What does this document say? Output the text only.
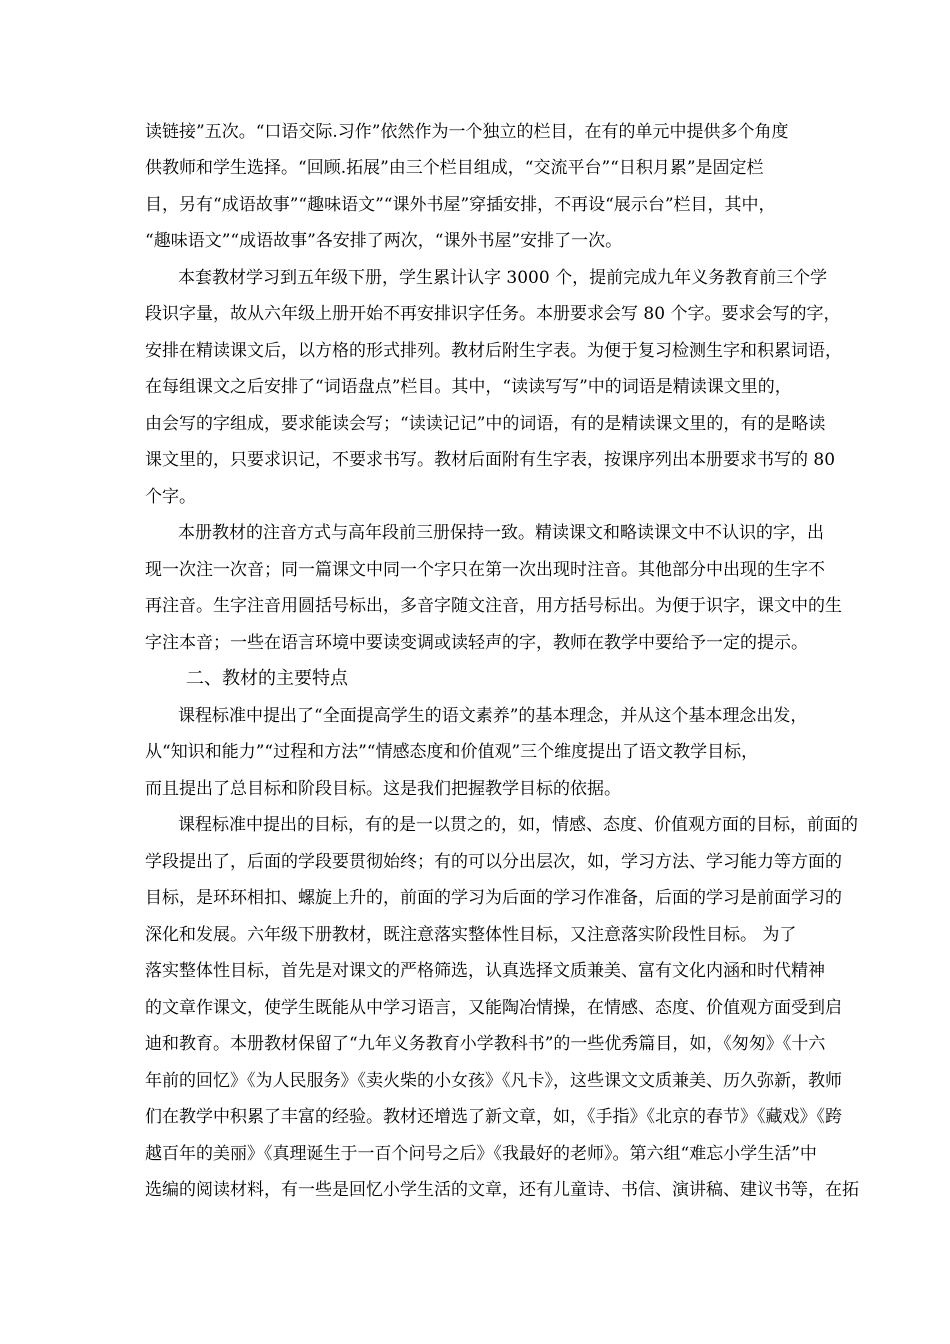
读链接”五次。“口语交际.习作”依然作为一个独立的栏目，在有的单元中提供多个角度
供教师和学生选择。“回顾.拓展”由三个栏目组成，“交流平台”“日积月累”是固定栏
目，另有“成语故事”“趣味语文”“课外书屋”穿插安排，不再设“展示台”栏目，其中，
“趣味语文”“成语故事”各安排了两次，“课外书屋”安排了一次。
本套教材学习到五年级下册，学生累计认字 3000 个，提前完成九年义务教育前三个学
段识字量，故从六年级上册开始不再安排识字任务。本册要求会写 80 个字。要求会写的字，
安排在精读课文后，以方格的形式排列。教材后附生字表。为便于复习检测生字和积累词语，
在每组课文之后安排了“词语盘点”栏目。其中，“读读写写”中的词语是精读课文里的，
由会写的字组成，要求能读会写；“读读记记”中的词语，有的是精读课文里的，有的是略读
课文里的，只要求识记，不要求书写。教材后面附有生字表，按课序列出本册要求书写的 80
个字。
本册教材的注音方式与高年段前三册保持一致。精读课文和略读课文中不认识的字，出
现一次注一次音；同一篇课文中同一个字只在第一次出现时注音。其他部分中出现的生字不
再注音。生字注音用圆括号标出，多音字随文注音，用方括号标出。为便于识字，课文中的生
字注本音；一些在语言环境中要读变调或读轻声的字，教师在教学中要给予一定的提示。
二、教材的主要特点
课程标准中提出了“全面提高学生的语文素养”的基本理念，并从这个基本理念出发，
从“知识和能力”“过程和方法”“情感态度和价值观”三个维度提出了语文教学目标，
而且提出了总目标和阶段目标。这是我们把握教学目标的依据。
课程标准中提出的目标，有的是一以贯之的，如，情感、态度、价值观方面的目标，前面的
学段提出了，后面的学段要贯彻始终；有的可以分出层次，如，学习方法、学习能力等方面的
目标，是环环相扣、螺旋上升的，前面的学习为后面的学习作准备，后面的学习是前面学习的
深化和发展。六年级下册教材，既注意落实整体性目标，又注意落实阶段性目标。 为了
落实整体性目标，首先是对课文的严格筛选，认真选择文质兼美、富有文化内涵和时代精神
的文章作课文，使学生既能从中学习语言，又能陶冶情操，在情感、态度、价值观方面受到启
迪和教育。本册教材保留了“九年义务教育小学教科书”的一些优秀篇目，如，《匆匆》《十六
年前的回忆》《为人民服务》《卖火柴的小女孩》《凡卡》，这些课文文质兼美、历久弥新，教师
们在教学中积累了丰富的经验。教材还增选了新文章，如，《手指》《北京的春节》《藏戏》《跨
越百年的美丽》《真理诞生于一百个问号之后》《我最好的老师》。第六组“难忘小学生活”中
选编的阅读材料，有一些是回忆小学生活的文章，还有儿童诗、书信、演讲稿、建议书等，在拓
